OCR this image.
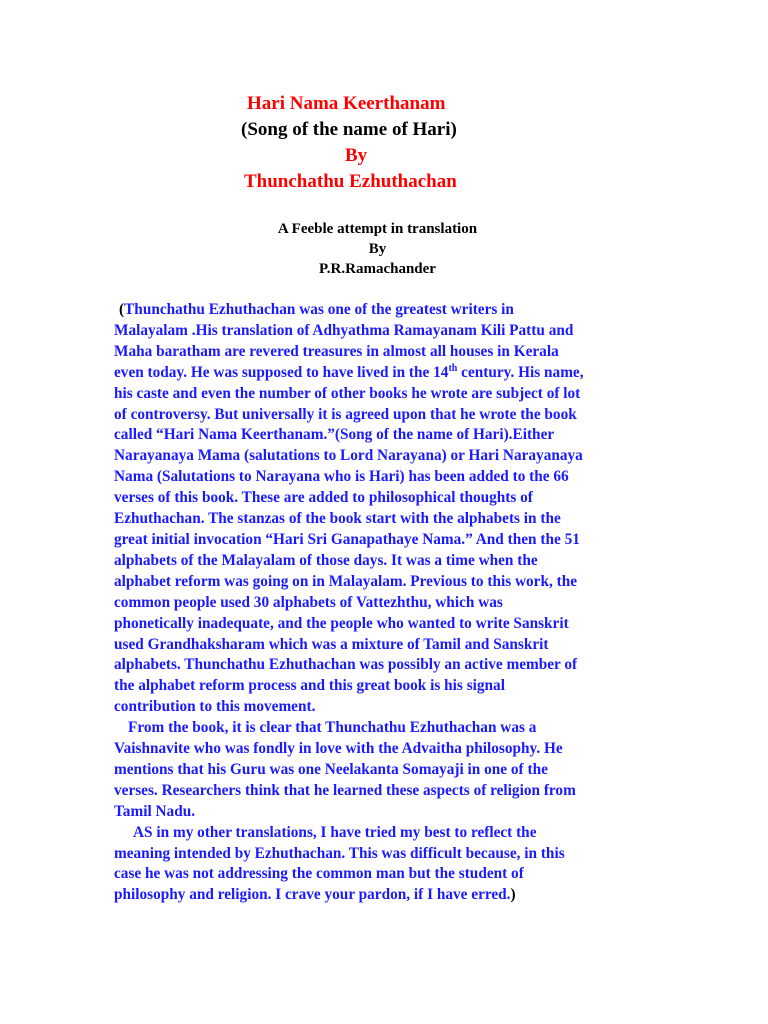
Hari Nama Keerthanam
(Song of the name of Hari)
By
Thunchathu Ezhuthachan
A Feeble attempt in translation
By
P.R.Ramachander

(Thunchathu Ezhuthachan was one of the greatest writers in

Malayalam .His translation of Adhyathma Ramayanam Kili Pattu and

Maha baratham are revered treasures in almost all houses in Kerala

even today. He was supposed to have lived in the 14th century. His name,

his caste and even the number of other books he wrote are subject of lot

of controversy. But universally it is agreed upon that he wrote the book

called “Hari Nama Keerthanam.”(Song of the name of Hari).Either

Narayanaya Mama (salutations to Lord Narayana) or Hari Narayanaya

Nama (Salutations to Narayana who is Hari) has been added to the 66

verses of this book. These are added to philosophical thoughts of

Ezhuthachan. The stanzas of the book start with the alphabets in the

great initial invocation “Hari Sri Ganapathaye Nama.” And then the 51

alphabets of the Malayalam of those days. It was a time when the

alphabet reform was going on in Malayalam. Previous to this work, the

common people used 30 alphabets of Vattezhthu, which was

phonetically inadequate, and the people who wanted to write Sanskrit

used Grandhaksharam which was a mixture of Tamil and Sanskrit

alphabets. Thunchathu Ezhuthachan was possibly an active member of

the alphabet reform process and this great book is his signal

contribution to this movement.

From the book, it is clear that Thunchathu Ezhuthachan was a

Vaishnavite who was fondly in love with the Advaitha philosophy. He

mentions that his Guru was one Neelakanta Somayaji in one of the

verses. Researchers think that he learned these aspects of religion from

Tamil Nadu.

AS in my other translations, I have tried my best to reflect the

meaning intended by Ezhuthachan. This was difficult because, in this

case he was not addressing the common man but the student of

philosophy and religion. I crave your pardon, if I have erred.)
